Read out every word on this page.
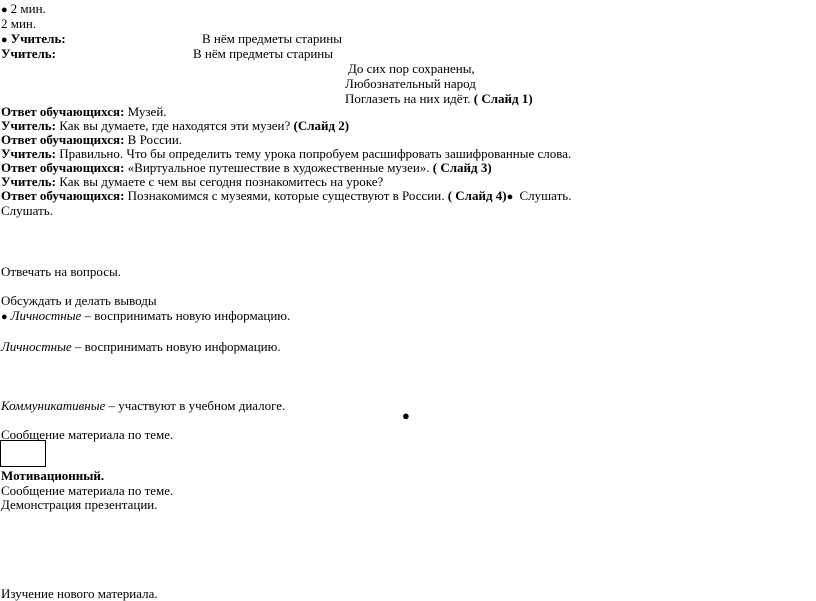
● 2 мин.
2 мин.
● Учитель:	В нём предметы старины
Учитель:	В нём предметы старины
До сих пор сохранены,
Любознательный народ
Поглазеть на них идёт. ( Слайд 1)
Ответ обучающихся: Музей.
Учитель: Как вы думаете, где находятся эти музеи? (Слайд 2)
Ответ обучающихся: В России.
Учитель: Правильно. Что бы определить тему урока попробуем расшифровать зашифрованные слова.
Ответ обучающихся: «Виртуальное путешествие в художественные музеи». ( Слайд 3)
Учитель: Как вы думаете с чем вы сегодня познакомитесь на уроке?
Ответ обучающихся: Познакомимся с музеями, которые существуют в России. ( Слайд 4)● Слушать.
Слушать.
Отвечать на вопросы.
Обсуждать и делать выводы
● Личностные – воспринимать новую информацию.
Личностные – воспринимать новую информацию.
Коммуникативные – участвуют в учебном диалоге.
●
Сообщение материала по теме.
Мотивационный.
Сообщение материала по теме.
Демонстрация презентации.
Изучение нового материала.
